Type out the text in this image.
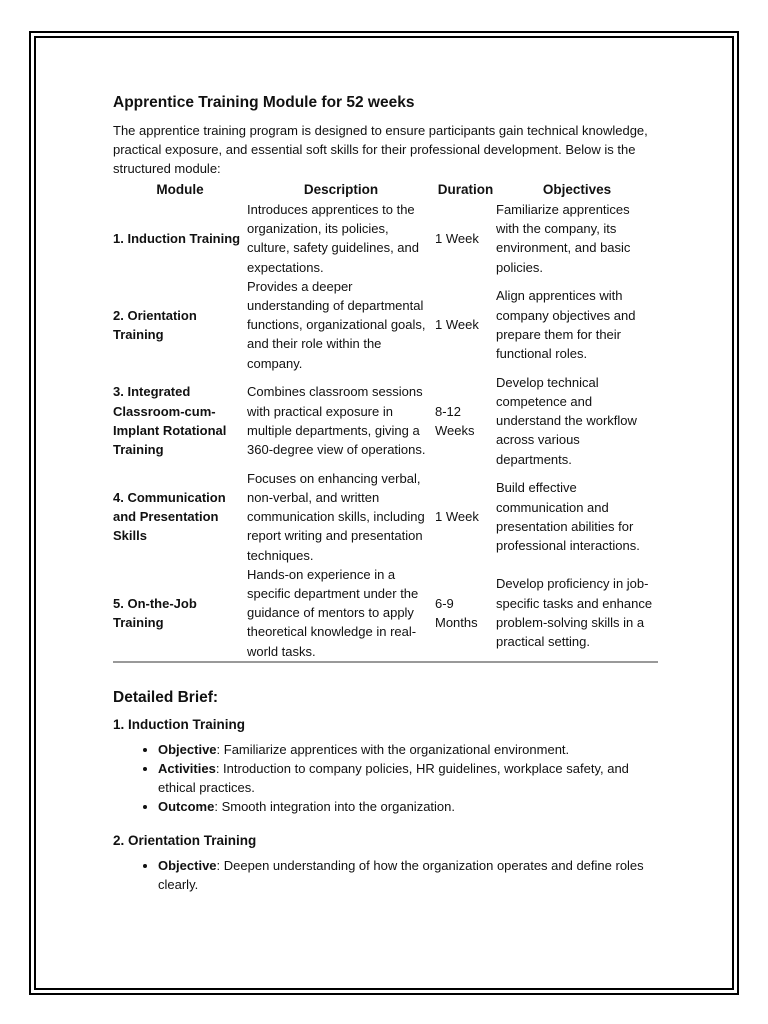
Apprentice Training Module for 52 weeks

The apprentice training program is designed to ensure participants gain technical knowledge, practical exposure, and essential soft skills for their professional development. Below is the structured module:

Module	Description	Duration	Objectives
1. Induction Training	Introduces apprentices to the organization, its policies, culture, safety guidelines, and expectations.	1 Week	Familiarize apprentices with the company, its environment, and basic policies.
2. Orientation Training	Provides a deeper understanding of departmental functions, organizational goals, and their role within the company.	1 Week	Align apprentices with company objectives and prepare them for their functional roles.
3. Integrated Classroom-cum-Implant Rotational Training	Combines classroom sessions with practical exposure in multiple departments, giving a 360-degree view of operations.	8-12 Weeks	Develop technical competence and understand the workflow across various departments.
4. Communication and Presentation Skills	Focuses on enhancing verbal, non-verbal, and written communication skills, including report writing and presentation techniques.	1 Week	Build effective communication and presentation abilities for professional interactions.
5. On-the-Job Training	Hands-on experience in a specific department under the guidance of mentors to apply theoretical knowledge in real-world tasks.	6-9 Months	Develop proficiency in job-specific tasks and enhance problem-solving skills in a practical setting.
Detailed Brief:
1. Induction Training
• Objective: Familiarize apprentices with the organizational environment.
• Activities: Introduction to company policies, HR guidelines, workplace safety, and ethical practices.
• Outcome: Smooth integration into the organization.
2. Orientation Training
• Objective: Deepen understanding of how the organization operates and define roles clearly.
